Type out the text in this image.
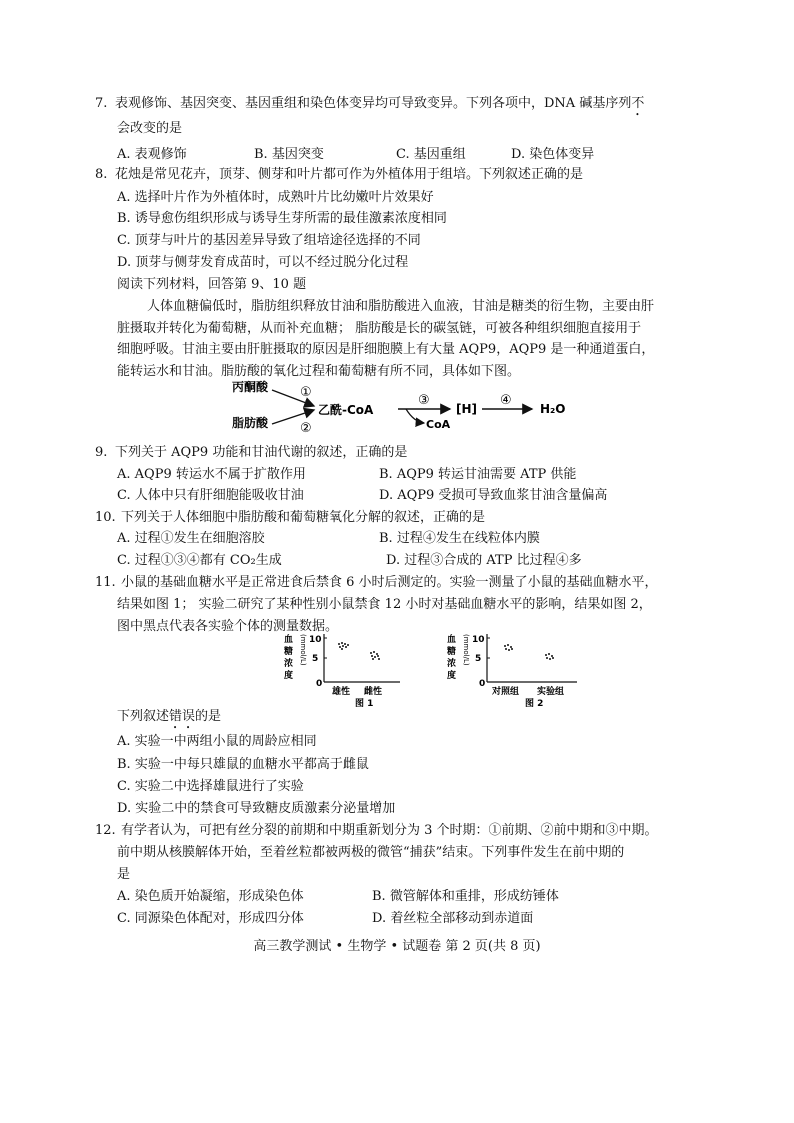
7. 表观修饰、基因突变、基因重组和染色体变异均可导致变异。下列各项中，DNA 碱基序列不
会改变的是
A. 表观修饰	B. 基因突变	C. 基因重组	D. 染色体变异
8. 花烛是常见花卉，顶芽、侧芽和叶片都可作为外植体用于组培。下列叙述正确的是
A. 选择叶片作为外植体时，成熟叶片比幼嫩叶片效果好
B. 诱导愈伤组织形成与诱导生芽所需的最佳激素浓度相同
C. 顶芽与叶片的基因差异导致了组培途径选择的不同
D. 顶芽与侧芽发育成苗时，可以不经过脱分化过程
阅读下列材料，回答第 9、10 题
人体血糖偏低时，脂肪组织释放甘油和脂肪酸进入血液，甘油是糖类的衍生物，主要由肝
脏摄取并转化为葡萄糖，从而补充血糖； 脂肪酸是长的碳氢链，可被各种组织细胞直接用于
细胞呼吸。甘油主要由肝脏摄取的原因是肝细胞膜上有大量 AQP9，AQP9 是一种通道蛋白，
能转运水和甘油。脂肪酸的氧化过程和葡萄糖有所不同，具体如下图。
丙酮酸
脂肪酸
①
②
乙酰-CoA
③
CoA
[H]
④
H₂O
9. 下列关于 AQP9 功能和甘油代谢的叙述，正确的是
A. AQP9 转运水不属于扩散作用	B. AQP9 转运甘油需要 ATP 供能
C. 人体中只有肝细胞能吸收甘油	D. AQP9 受损可导致血浆甘油含量偏高
10. 下列关于人体细胞中脂肪酸和葡萄糖氧化分解的叙述，正确的是
A. 过程①发生在细胞溶胶	B. 过程④发生在线粒体内膜
C. 过程①③④都有 CO₂生成	D. 过程③合成的 ATP 比过程④多
11. 小鼠的基础血糖水平是正常进食后禁食 6 小时后测定的。实验一测量了小鼠的基础血糖水平，
结果如图 1； 实验二研究了某种性别小鼠禁食 12 小时对基础血糖水平的影响，结果如图 2，
图中黑点代表各实验个体的测量数据。
血
糖
浓
度
(mmol/L) 10
5
0
雄性 雌性
图 1
血
糖
浓
度
(mmol/L) 10
5
0
对照组 实验组
图 2
下列叙述错误的是
A. 实验一中两组小鼠的周龄应相同
B. 实验一中每只雄鼠的血糖水平都高于雌鼠
C. 实验二中选择雄鼠进行了实验
D. 实验二中的禁食可导致糖皮质激素分泌量增加
12. 有学者认为，可把有丝分裂的前期和中期重新划分为 3 个时期：①前期、②前中期和③中期。
前中期从核膜解体开始，至着丝粒都被两极的微管“捕获”结束。下列事件发生在前中期的
是
A. 染色质开始凝缩，形成染色体	B. 微管解体和重排，形成纺锤体
C. 同源染色体配对，形成四分体	D. 着丝粒全部移动到赤道面
高三教学测试 • 生物学 • 试题卷 第 2 页(共 8 页)
